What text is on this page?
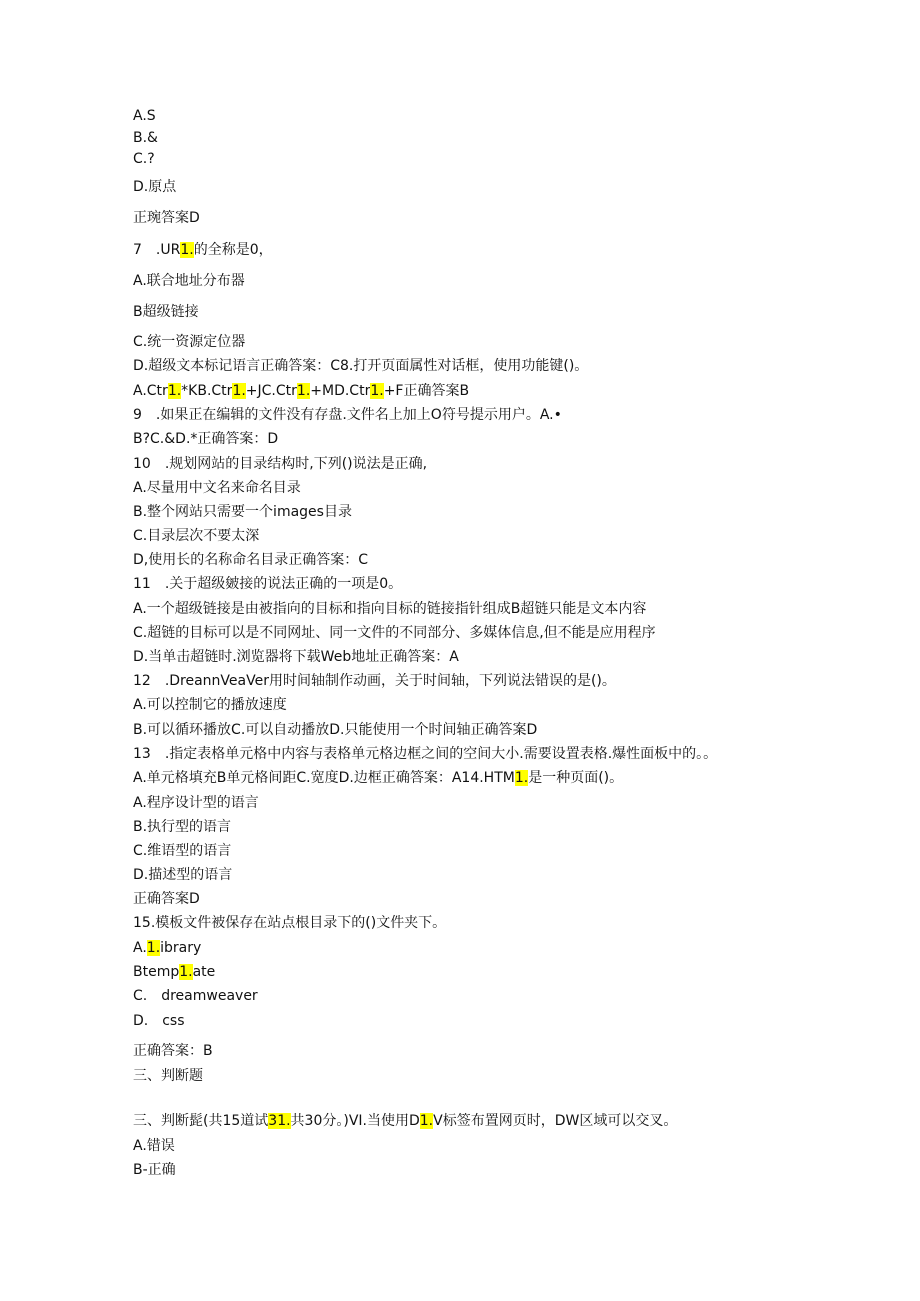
A.S
B.&
C.?
D.原点
正琬答案D
7　.UR1.的全称是0，
A.联合地址分布器
B超级链接
C.统一资源定位器
D.超级文本标记语言正确答案：C8.打开页面属性对话框，使用功能键()。
A.Ctr1.*KB.Ctr1.+JC.Ctr1.+MD.Ctr1.+F正确答案B
9　.如果正在编辑的文件没有存盘.文件名上加上O符号提示用户。A.•
B?C.&D.*正确答案：D
10　.规划网站的目录结构时,下列()说法是正确,
A.尽量用中文名来命名目录
B.整个网站只需要一个images目录
C.目录层次不要太深
D,使用长的名称命名目录正确答案：C
11　.关于超级皴接的说法正确的一项是0。
A.一个超级链接是由被指向的目标和指向目标的链接指针组成B超链只能是文本内容
C.超链的目标可以是不同网址、同一文件的不同部分、多媒体信息,但不能是应用程序
D.当单击超链时.浏览器将下载Web地址正确答案：A
12　.DreannVeaVer用时间轴制作动画，关于时间轴，下列说法错误的是()。
A.可以控制它的播放速度
B.可以循环播放C.可以自动播放D.只能使用一个时间轴正确答案D
13　.指定表格单元格中内容与表格单元格边框之间的空间大小.需要设置表格.爆性面板中的。。
A.单元格填充B单元格间距C.宽度D.边框正确答案：A14.HTM1.是一种页面()。
A.程序设计型的语言
B.执行型的语言
C.维语型的语言
D.描述型的语言
正确答案D
15.模板文件被保存在站点根目录下的()文件夹下。
A.1.ibrary
Btemp1.ate
C.　dreamweaver
D.　css
正确答案：B
三、判断题
三、判断髭(共15道试31.共30分。)VI.当使用D1.V标签布置网页时，DW区域可以交叉。
A.错误
B-正确
